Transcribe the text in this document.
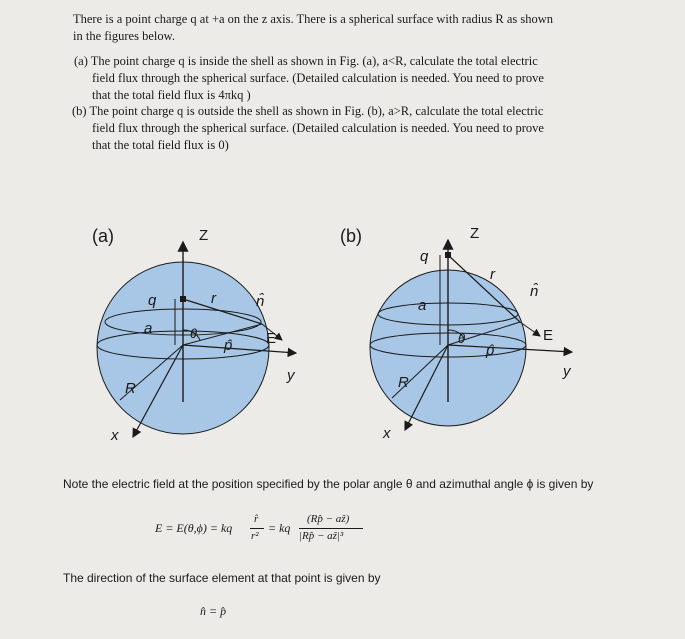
There is a point charge q at +a on the z axis. There is a spherical surface with radius R as shown
in the figures below.
(a) The point charge q is inside the shell as shown in Fig. (a), a<R, calculate the total electric
field flux through the spherical surface. (Detailed calculation is needed. You need to prove
that the total field flux is 4πkq )
(b) The point charge q is outside the shell as shown in Fig. (b), a>R, calculate the total electric
field flux through the spherical surface. (Detailed calculation is needed. You need to prove
that the total field flux is 0)
(a)	Z
q	r	n̂
a	θ
p̂ E
y
R
x
(b)	Z
q
r
n̂
a
θ
p̂
E
y
R
x
Note the electric field at the position specified by the polar angle θ and azimuthal angle ϕ is given by
E = E(θ,ϕ) = kq
r̂
r²
= kq
(Rp̂ − aẑ)
|Rp̂ − aẑ|³
The direction of the surface element at that point is given by
n̂ = p̂
